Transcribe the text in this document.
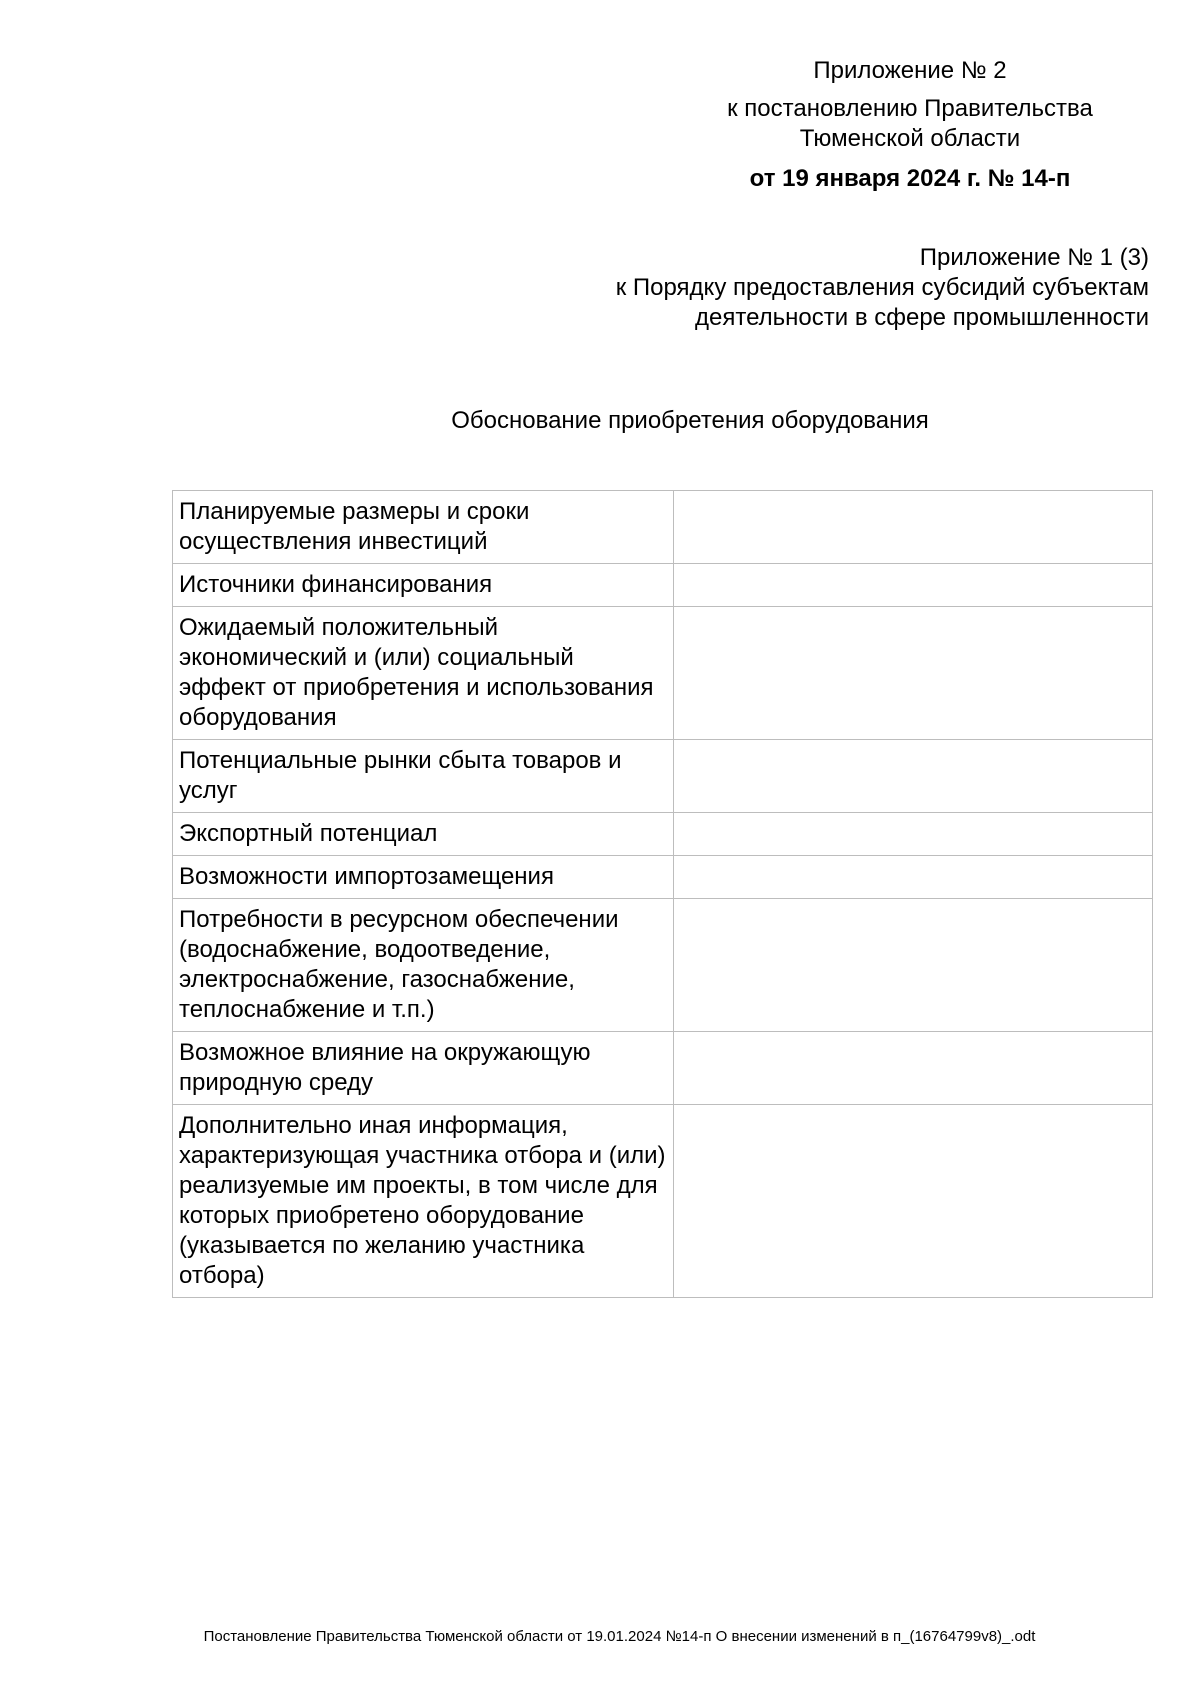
Приложение № 2
к постановлению Правительства
Тюменской области
от 19 января 2024 г. № 14-п
Приложение № 1 (3)
к Порядку предоставления субсидий субъектам
деятельности в сфере промышленности
Обоснование приобретения оборудования
Планируемые размеры и сроки осуществления инвестиций	
Источники финансирования	
Ожидаемый положительный экономический и (или) социальный эффект от приобретения и использования оборудования	
Потенциальные рынки сбыта товаров и услуг	
Экспортный потенциал	
Возможности импортозамещения	
Потребности в ресурсном обеспечении (водоснабжение, водоотведение, электроснабжение, газоснабжение, теплоснабжение и т.п.)	
Возможное влияние на окружающую природную среду	
Дополнительно иная информация, характеризующая участника отбора и (или) реализуемые им проекты, в том числе для которых приобретено оборудование (указывается по желанию участника отбора)	
Постановление Правительства Тюменской области от 19.01.2024 №14-п О внесении изменений в п_(16764799v8)_.odt
